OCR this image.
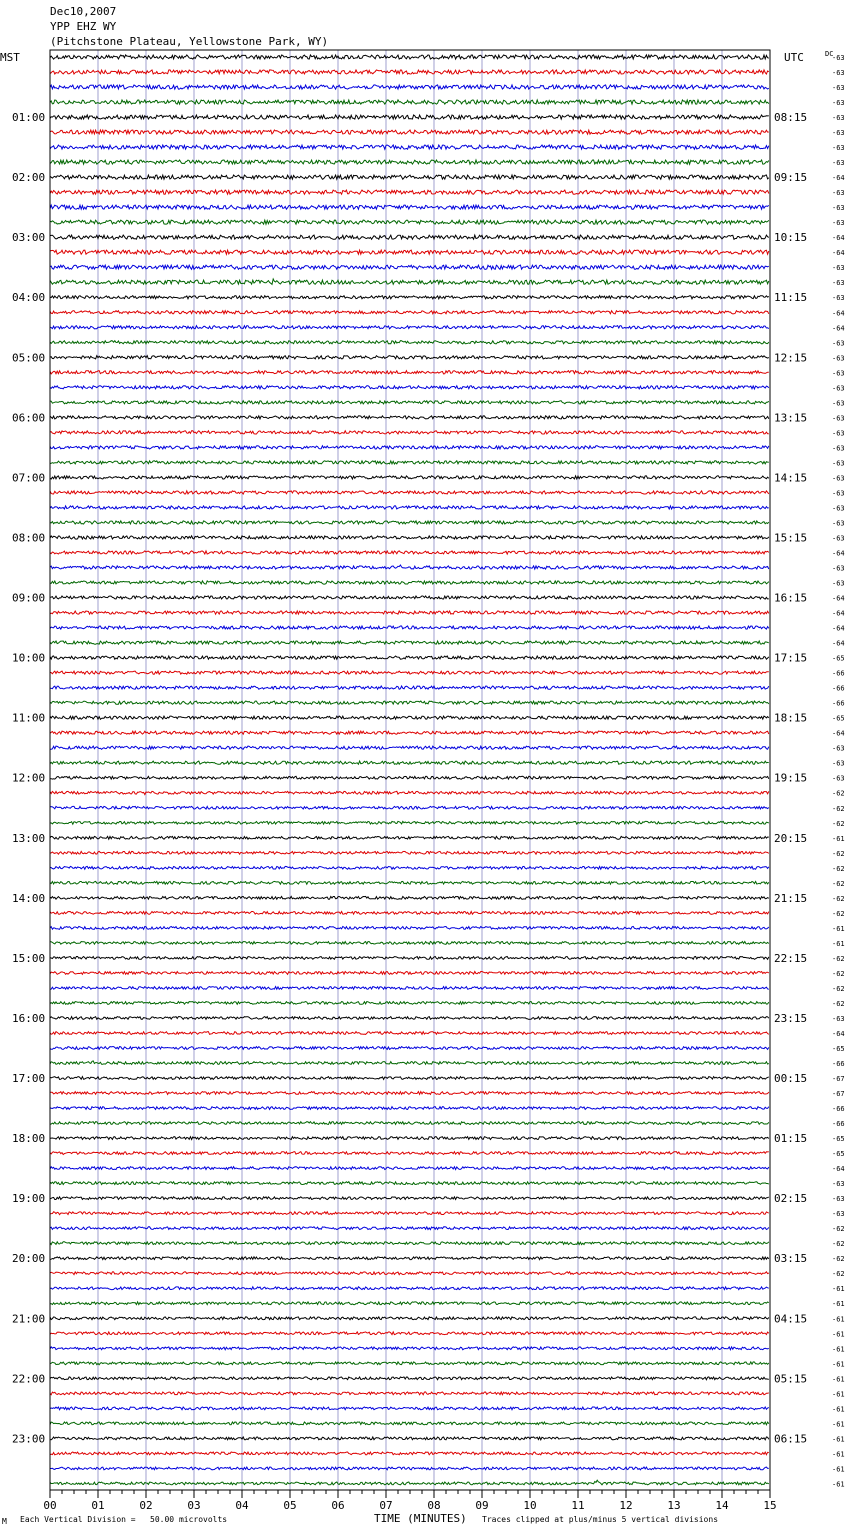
Dec10,2007
YPP EHZ WY
(Pitchstone Plateau, Yellowstone Park, WY)
-63
-63
-63
-63
-63
-63
-63
-63
-64
-63
-63
-63
-64
-64
-63
-63
-63
-64
-64
-63
-63
-63
-63
-63
-63
-63
-63
-63
-63
-63
-63
-63
-63
-64
-63
-63
-64
-64
-64
-64
-65
-66
-66
-66
-65
-64
-63
-63
-63
-62
-62
-62
-61
-62
-62
-62
-62
-62
-61
-61
-62
-62
-62
-62
-63
-64
-65
-66
-67
-67
-66
-66
-65
-65
-64
-63
-63
-63
-62
-62
-62
-62
-61
-61
-61
-61
-61
-61
-61
-61
-61
-61
-61
-61
-61
-61
MST	UTC	DC
01:00
02:00
03:00
04:00
05:00
06:00
07:00
08:00
09:00
10:00
11:00
12:00
13:00
14:00
15:00
16:00
17:00
18:00
19:00
20:00
21:00
22:00
23:00
08:15
09:15
10:15
11:15
12:15
13:15
14:15
15:15
16:15
17:15
18:15
19:15
20:15
21:15
22:15
23:15
00:15
01:15
02:15
03:15
04:15
05:15
06:15
00	01	02	03	04	05	06	07	08	09	10	11	12	13	14	15
M Each Vertical Division =   50.00 microvolts	TIME (MINUTES) Traces clipped at plus/minus 5 vertical divisions
